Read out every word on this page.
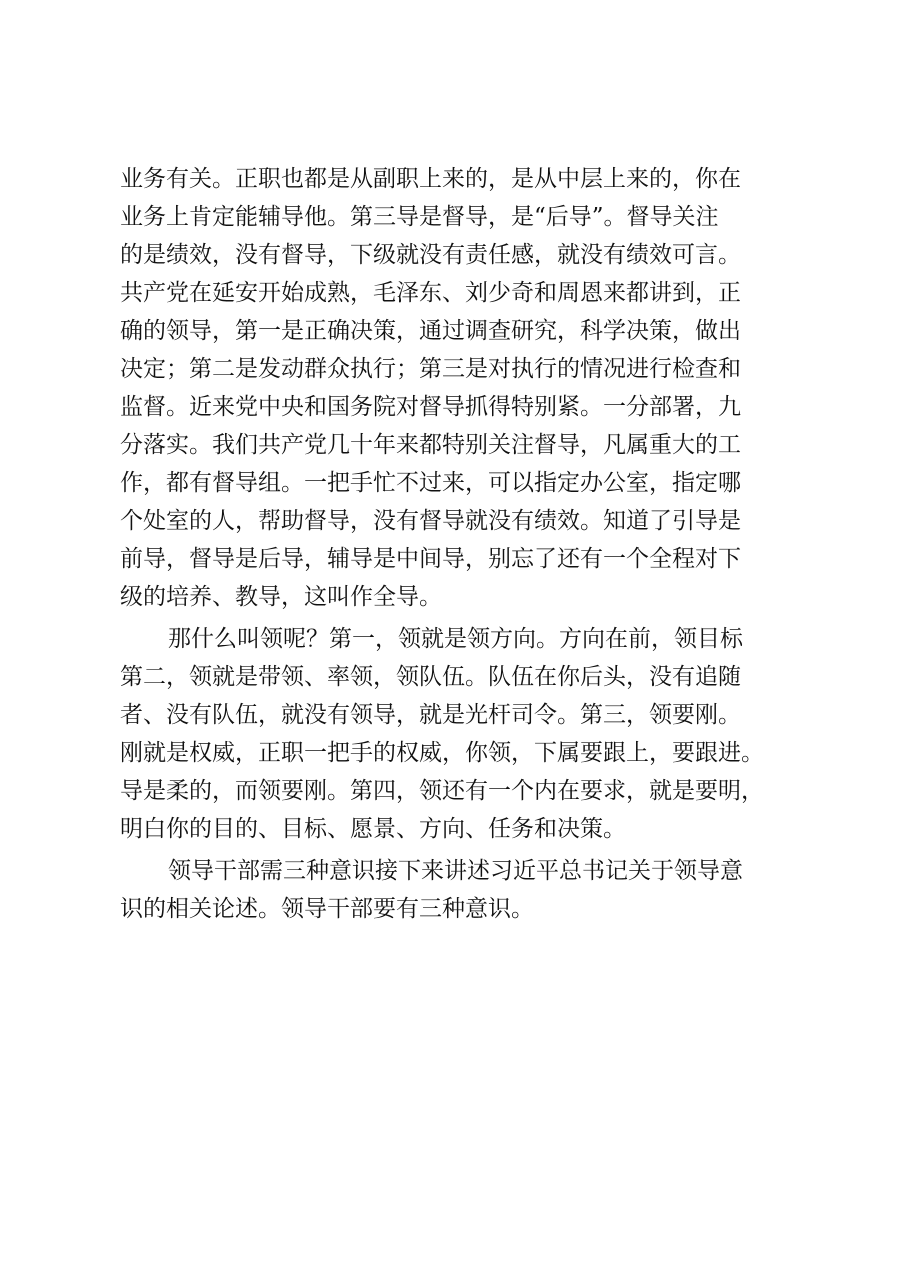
业务有关。正职也都是从副职上来的，是从中层上来的，你在
业务上肯定能辅导他。第三导是督导，是“后导”。督导关注
的是绩效，没有督导，下级就没有责任感，就没有绩效可言。
共产党在延安开始成熟，毛泽东、刘少奇和周恩来都讲到，正
确的领导，第一是正确决策，通过调查研究，科学决策，做出
决定；第二是发动群众执行；第三是对执行的情况进行检查和
监督。近来党中央和国务院对督导抓得特别紧。一分部署，九
分落实。我们共产党几十年来都特别关注督导，凡属重大的工
作，都有督导组。一把手忙不过来，可以指定办公室，指定哪
个处室的人，帮助督导，没有督导就没有绩效。知道了引导是
前导，督导是后导，辅导是中间导，别忘了还有一个全程对下
级的培养、教导，这叫作全导。
那什么叫领呢？第一，领就是领方向。方向在前，领目标
第二，领就是带领、率领，领队伍。队伍在你后头，没有追随
者、没有队伍，就没有领导，就是光杆司令。第三，领要刚。
刚就是权威，正职一把手的权威，你领，下属要跟上，要跟进。
导是柔的，而领要刚。第四，领还有一个内在要求，就是要明，
明白你的目的、目标、愿景、方向、任务和决策。
领导干部需三种意识接下来讲述习近平总书记关于领导意
识的相关论述。领导干部要有三种意识。
